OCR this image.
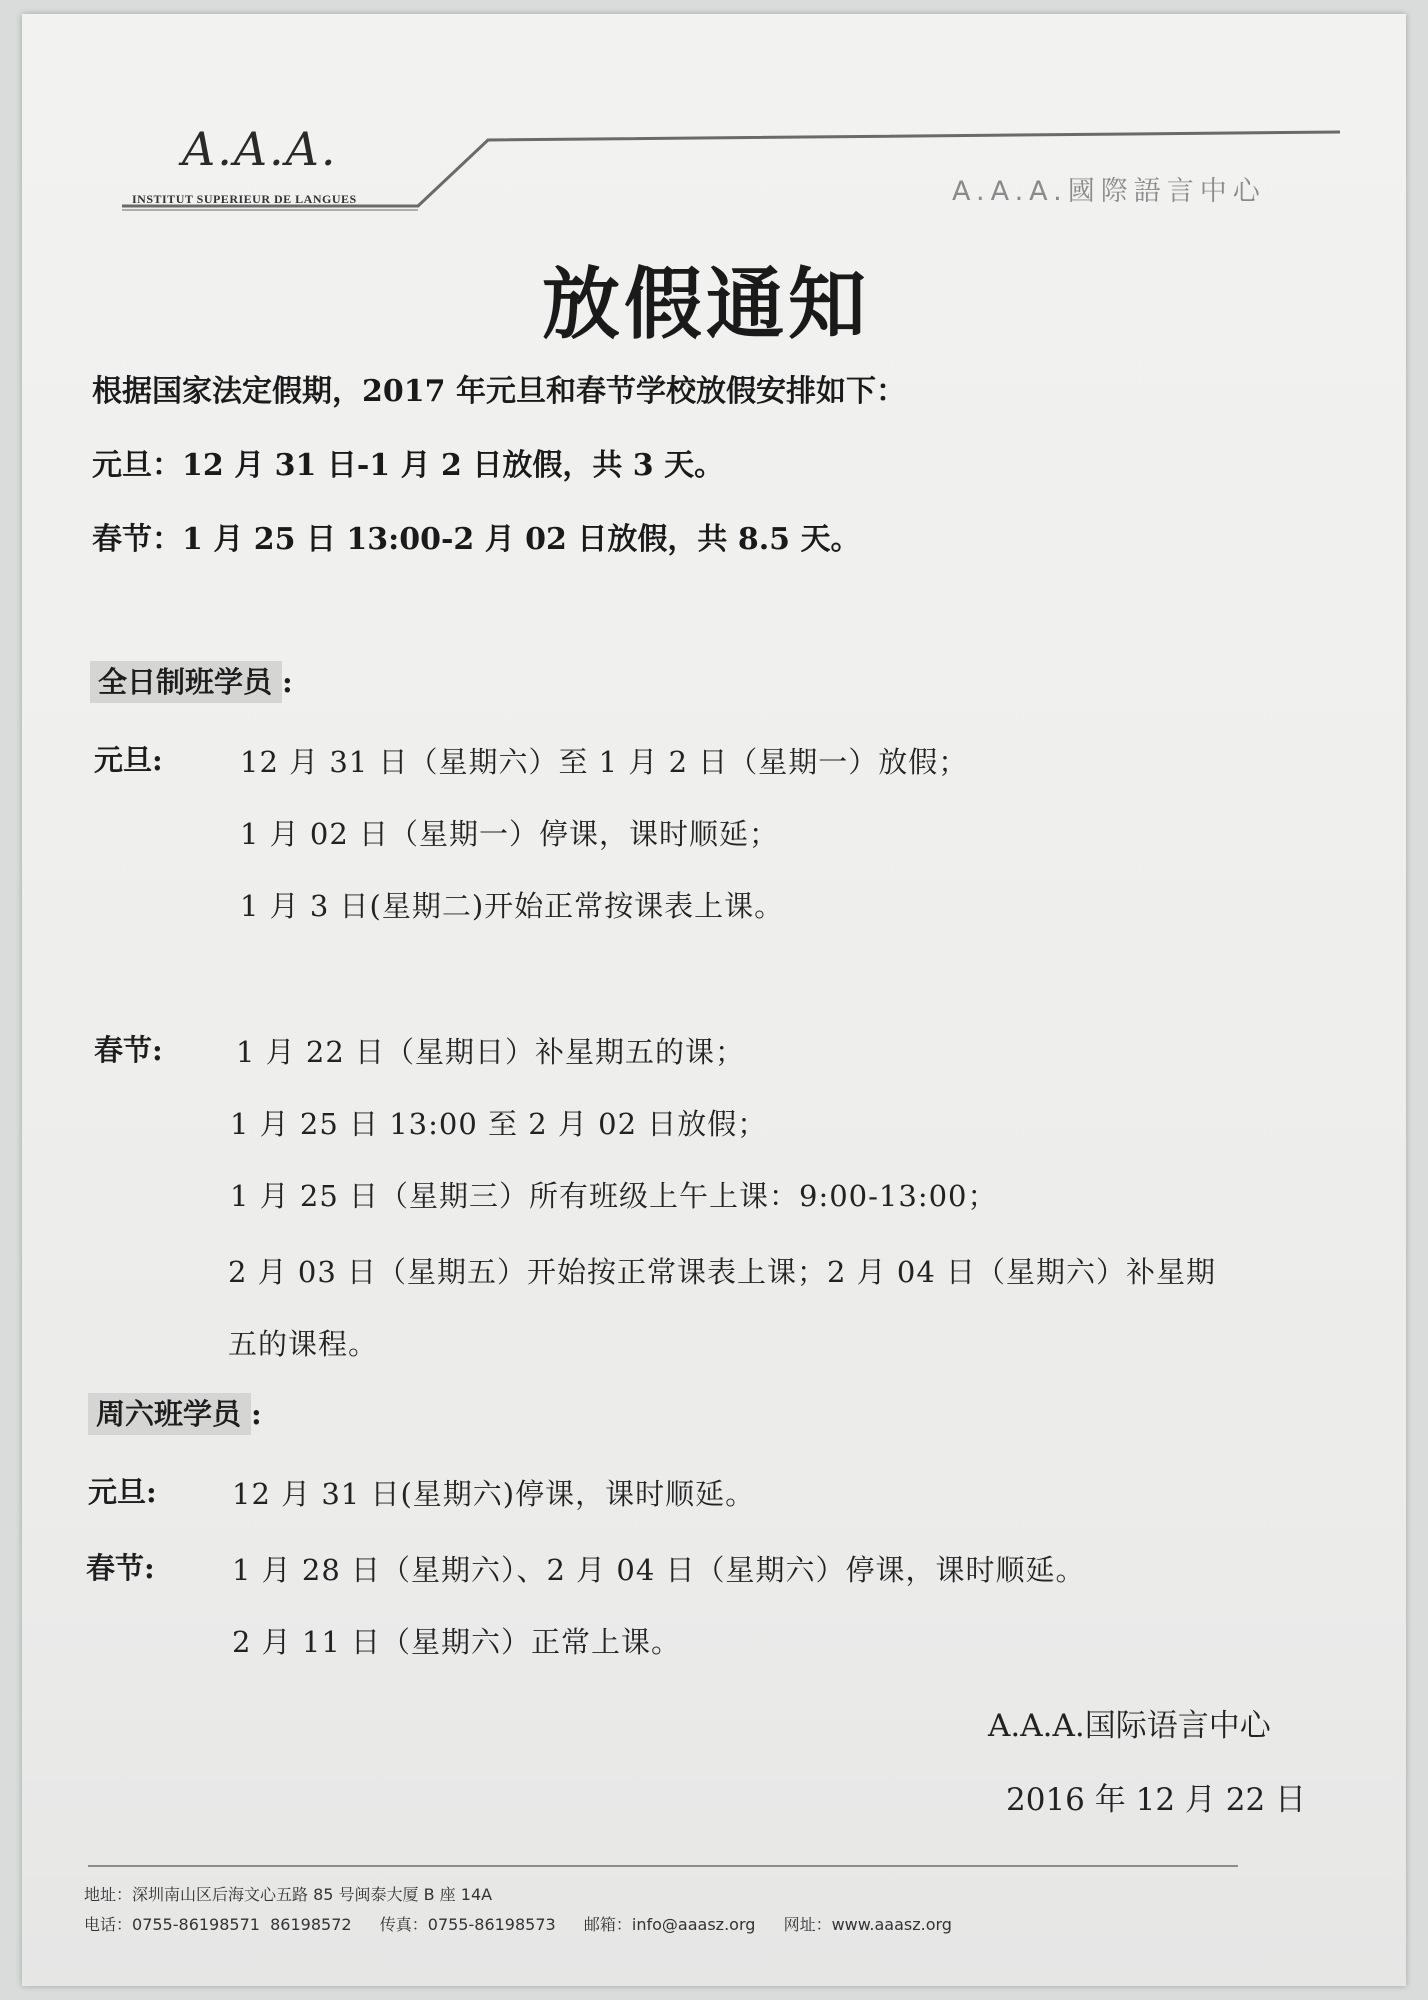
A.A.A.
INSTITUT SUPERIEUR DE LANGUES	A.A.A.國際語言中心
放假通知
根据国家法定假期，2017 年元旦和春节学校放假安排如下：
元旦：12 月 31 日-1 月 2 日放假，共 3 天。
春节：1 月 25 日 13:00-2 月 02 日放假，共 8.5 天。
全日制班学员 :
元旦:	12 月 31 日（星期六）至 1 月 2 日（星期一）放假；
1 月 02 日（星期一）停课，课时顺延；
1 月 3 日(星期二)开始正常按课表上课。
春节:	1 月 22 日（星期日）补星期五的课；
1 月 25 日 13:00 至 2 月 02 日放假；
1 月 25 日（星期三）所有班级上午上课：9:00-13:00；
2 月 03 日（星期五）开始按正常课表上课；2 月 04 日（星期六）补星期
五的课程。
周六班学员 :
元旦:	12 月 31 日(星期六)停课，课时顺延。
春节:	1 月 28 日（星期六）、2 月 04 日（星期六）停课，课时顺延。
2 月 11 日（星期六）正常上课。
A.A.A.国际语言中心
2016 年 12 月 22 日
地址：深圳南山区后海文心五路 85 号闽泰大厦 B 座 14A
电话：0755-86198571  86198572 传真：0755-86198573 邮箱：info@aaasz.org 网址：www.aaasz.org
